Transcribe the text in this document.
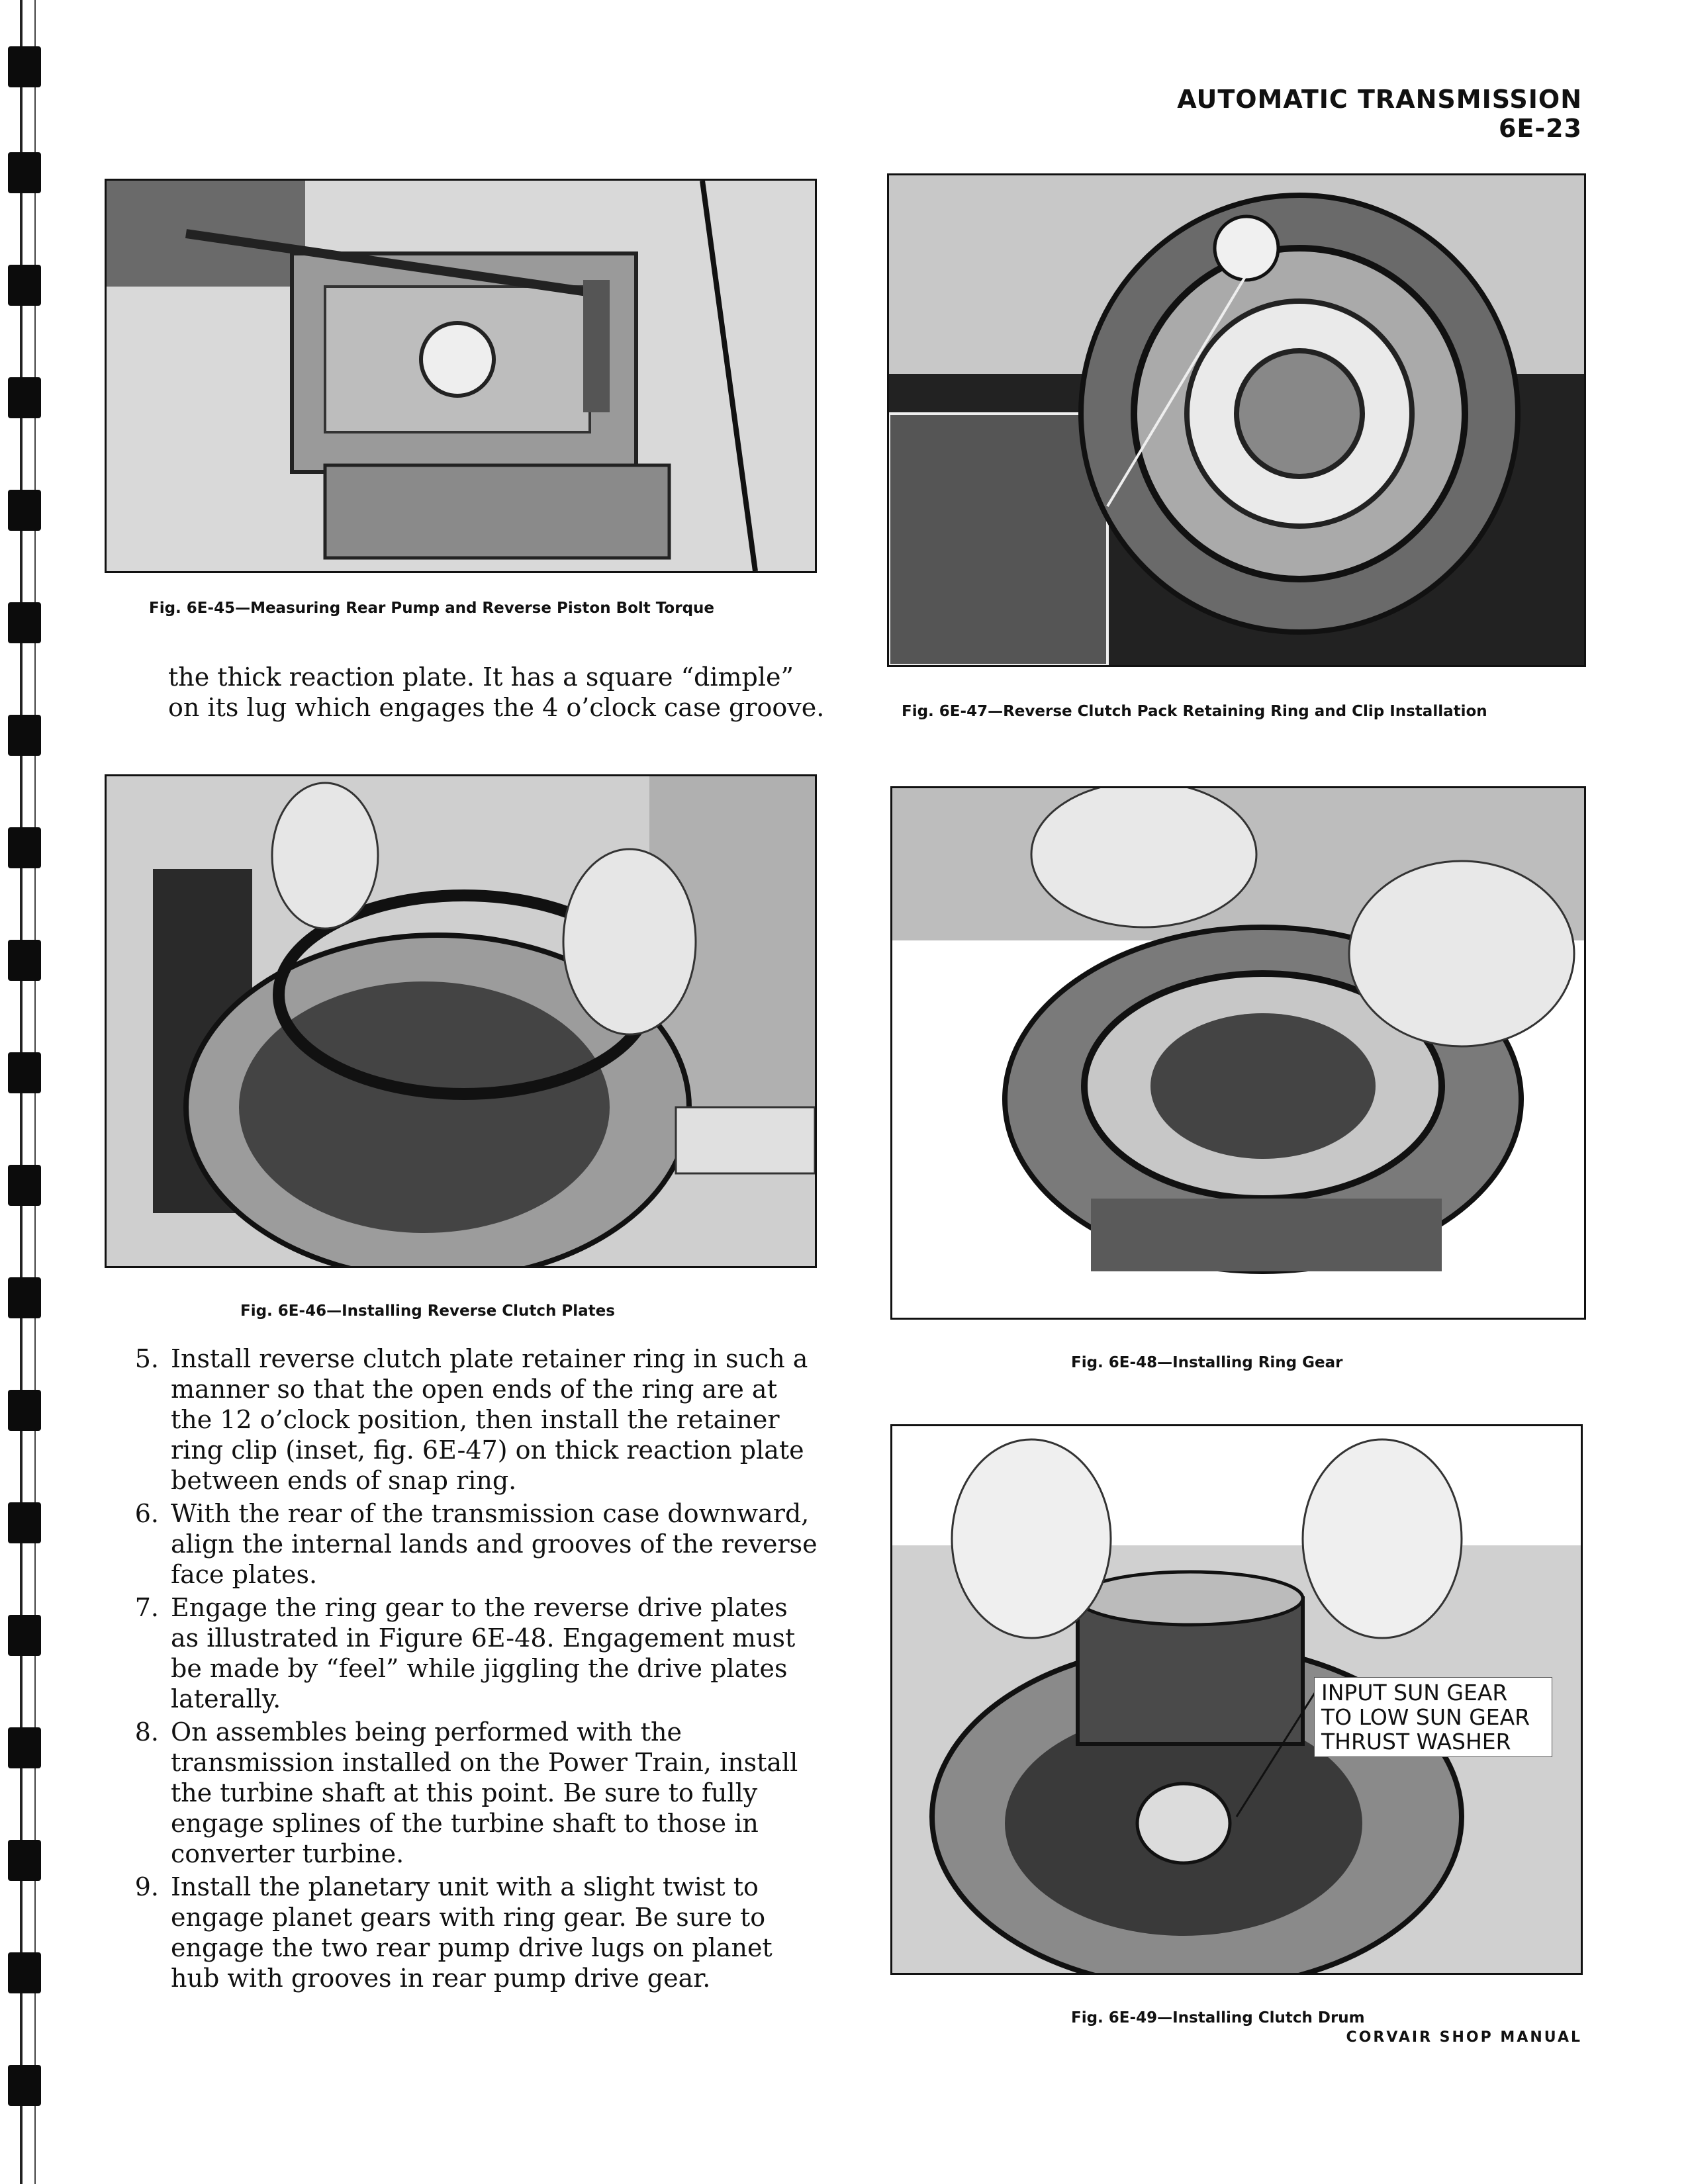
AUTOMATIC TRANSMISSION 6E-23
Fig. 6E-45—Measuring Rear Pump and Reverse Piston Bolt Torque

the thick reaction plate. It has a square “dimple”
on its lug which engages the 4 o’clock case groove.

Fig. 6E-46—Installing Reverse Clutch Plates
5. Install reverse clutch plate retainer ring in such a manner so that the open ends of the ring are at the 12 o’clock position, then install the retainer ring clip (inset, fig. 6E-47) on thick reaction plate between ends of snap ring.
6. With the rear of the transmission case downward, align the internal lands and grooves of the reverse face plates.
7. Engage the ring gear to the reverse drive plates as illustrated in Figure 6E-48. Engagement must be made by “feel” while jiggling the drive plates laterally.
8. On assembles being performed with the transmission installed on the Power Train, install the turbine shaft at this point. Be sure to fully engage splines of the turbine shaft to those in converter turbine.
9. Install the planetary unit with a slight twist to engage planet gears with ring gear. Be sure to engage the two rear pump drive lugs on planet hub with grooves in rear pump drive gear.
Fig. 6E-47—Reverse Clutch Pack Retaining Ring and Clip Installation
Fig. 6E-48—Installing Ring Gear
INPUT SUN GEAR
TO LOW SUN GEAR
THRUST WASHER
Fig. 6E-49—Installing Clutch Drum
CORVAIR SHOP MANUAL
